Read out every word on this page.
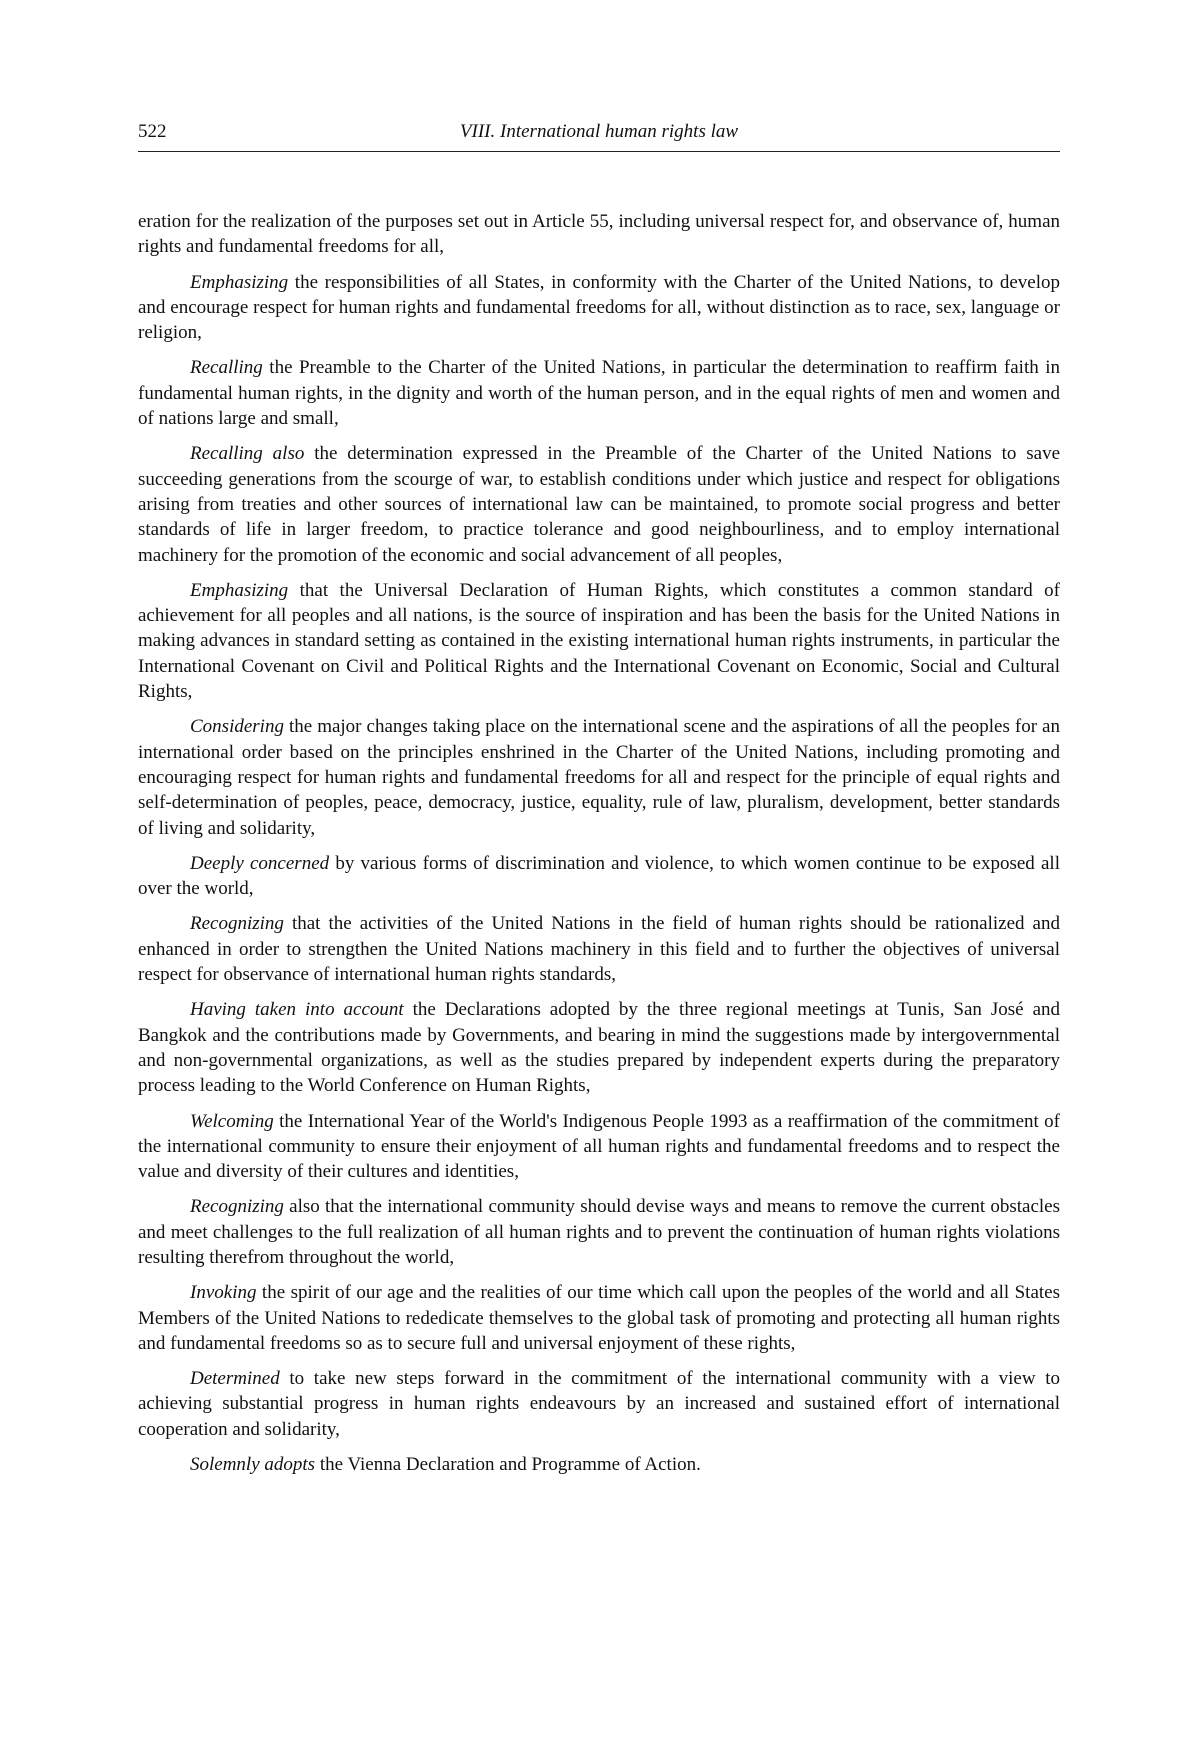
522	VIII. International human rights law

eration for the realization of the purposes set out in Article 55, including universal respect for, and observance of, human rights and fundamental freedoms for all,

Emphasizing the responsibilities of all States, in conformity with the Charter of the United Nations, to develop and encourage respect for human rights and fundamental freedoms for all, without distinction as to race, sex, language or religion,

Recalling the Preamble to the Charter of the United Nations, in particular the determination to reaffirm faith in fundamental human rights, in the dignity and worth of the human person, and in the equal rights of men and women and of nations large and small,

Recalling also the determination expressed in the Preamble of the Charter of the United Nations to save succeeding generations from the scourge of war, to establish conditions under which justice and respect for obligations arising from treaties and other sources of international law can be maintained, to promote social progress and better standards of life in larger freedom, to practice tolerance and good neighbourliness, and to employ international machinery for the promotion of the economic and social advancement of all peoples,

Emphasizing that the Universal Declaration of Human Rights, which constitutes a common standard of achievement for all peoples and all nations, is the source of inspiration and has been the basis for the United Nations in making advances in standard setting as contained in the existing international human rights instruments, in particular the International Covenant on Civil and Political Rights and the International Covenant on Economic, Social and Cultural Rights,

Considering the major changes taking place on the international scene and the aspirations of all the peoples for an international order based on the principles enshrined in the Charter of the United Nations, including promoting and encouraging respect for human rights and fundamental freedoms for all and respect for the principle of equal rights and self-determination of peoples, peace, democracy, justice, equality, rule of law, pluralism, development, better standards of living and solidarity,

Deeply concerned by various forms of discrimination and violence, to which women continue to be exposed all over the world,

Recognizing that the activities of the United Nations in the field of human rights should be rationalized and enhanced in order to strengthen the United Nations machinery in this field and to further the objectives of universal respect for observance of international human rights standards,

Having taken into account the Declarations adopted by the three regional meetings at Tunis, San José and Bangkok and the contributions made by Governments, and bearing in mind the suggestions made by intergovernmental and non-governmental organizations, as well as the studies prepared by independent experts during the preparatory process leading to the World Conference on Human Rights,

Welcoming the International Year of the World's Indigenous People 1993 as a reaffirmation of the commitment of the international community to ensure their enjoyment of all human rights and fundamental freedoms and to respect the value and diversity of their cultures and identities,

Recognizing also that the international community should devise ways and means to remove the current obstacles and meet challenges to the full realization of all human rights and to prevent the continuation of human rights violations resulting therefrom throughout the world,

Invoking the spirit of our age and the realities of our time which call upon the peoples of the world and all States Members of the United Nations to rededicate themselves to the global task of promoting and protecting all human rights and fundamental freedoms so as to secure full and universal enjoyment of these rights,

Determined to take new steps forward in the commitment of the international community with a view to achieving substantial progress in human rights endeavours by an increased and sustained effort of international cooperation and solidarity,

Solemnly adopts the Vienna Declaration and Programme of Action.
